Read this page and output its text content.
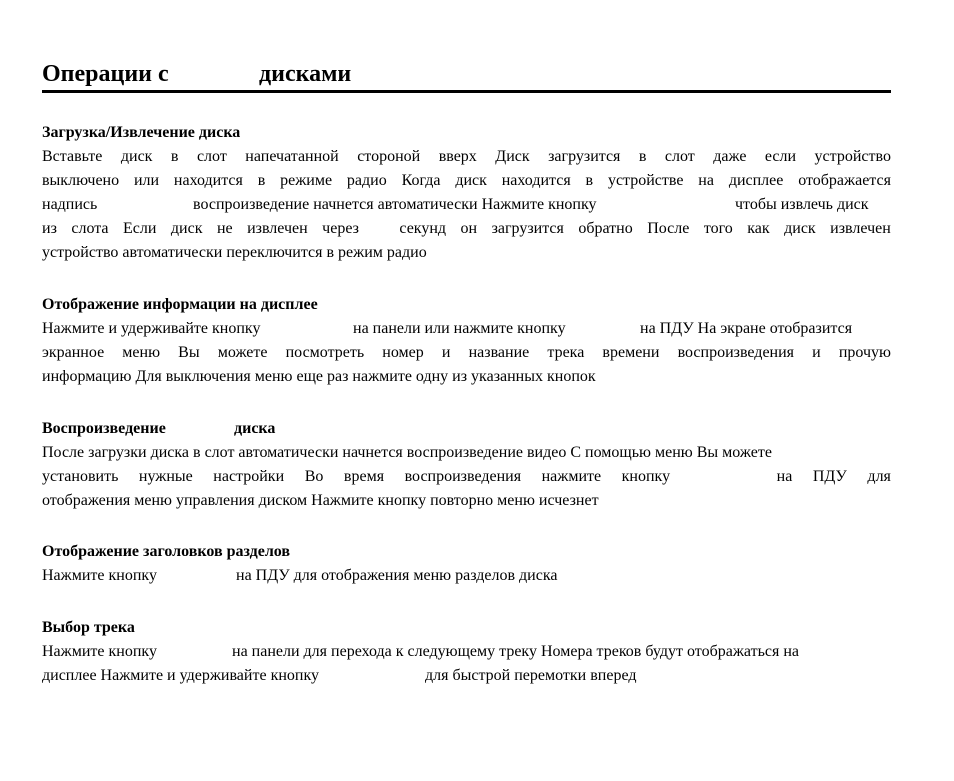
Операции с	дисками
Загрузка/Извлечение диска
Вставьте диск в слот напечатанной стороной вверх Диск загрузится в слот даже если устройство
выключено или находится в режиме радио Когда диск находится в устройстве на дисплее отображается
надпись	воспроизведение начнется автоматически Нажмите кнопку	чтобы извлечь диск
из слота Если диск не извлечен через	секунд он загрузится обратно После того как диск извлечен
устройство автоматически переключится в режим радио
Отображение информации на дисплее
Нажмите и удерживайте кнопку	на панели или нажмите кнопку	на ПДУ На экране отобразится
экранное меню Вы можете посмотреть номер и название трека времени воспроизведения и прочую
информацию Для выключения меню еще раз нажмите одну из указанных кнопок
Воспроизведение	диска
После загрузки диска в слот автоматически начнется воспроизведение видео С помощью меню Вы можете
установить нужные настройки Во время воспроизведения нажмите кнопку	на ПДУ для
отображения меню управления диском Нажмите кнопку повторно меню исчезнет
Отображение заголовков разделов
Нажмите кнопку	на ПДУ для отображения меню разделов диска
Выбор трека
Нажмите кнопку	на панели для перехода к следующему треку Номера треков будут отображаться на
дисплее Нажмите и удерживайте кнопку	для быстрой перемотки вперед
